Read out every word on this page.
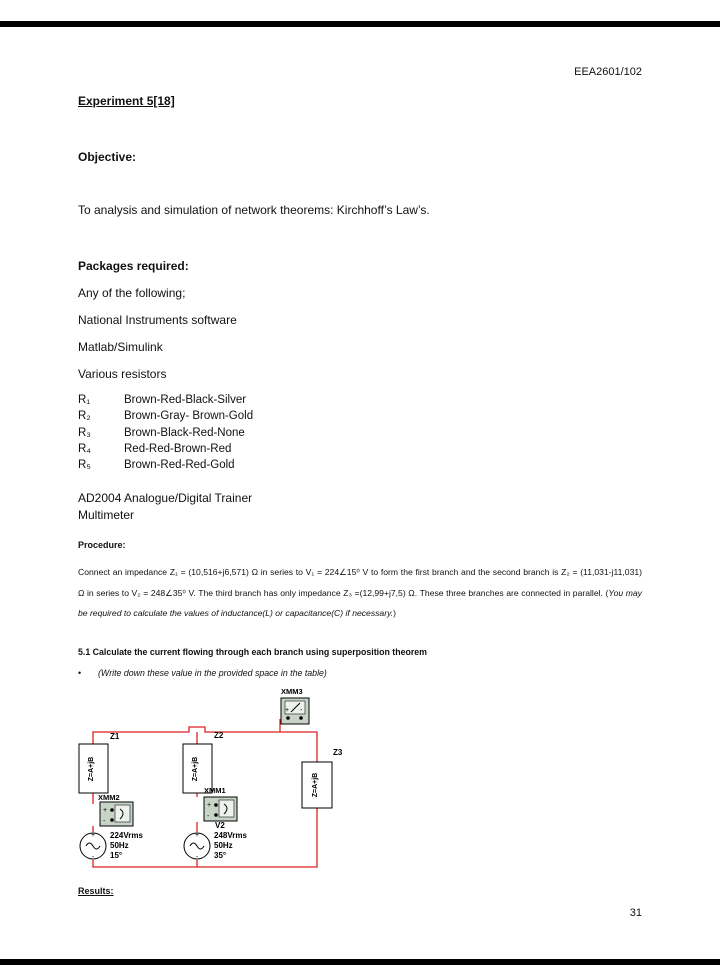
EEA2601/102
Experiment 5[18]
Objective:
To analysis and simulation of network theorems: Kirchhoff’s Law’s.
Packages required:
Any of the following;
National Instruments software
Matlab/Simulink
Various resistors
R₁	Brown-Red-Black-Silver
R₂	Brown-Gray- Brown-Gold
R₃	Brown-Black-Red-None
R₄	Red-Red-Brown-Red
R₅	Brown-Red-Red-Gold
AD2004 Analogue/Digital Trainer
Multimeter
Procedure:
Connect an impedance Z₁ = (10,516+j6,571) Ω in series to V₁ = 224∠15⁰ V to form the first branch and the second branch is Z₂ = (11,031-j11,031) Ω in series to V₂ = 248∠35⁰ V. The third branch has only impedance Z₃ =(12,99+j7,5) Ω. These three branches are connected in parallel. (You may be required to calculate the values of inductance(L) or capacitance(C) if necessary.)
5.1 Calculate the current flowing through each branch using superposition theorem
• (Write down these value in the provided space in the table)
Z=A+jB
Z1
Z=A+jB
Z2
Z=A+jB
Z3
XMM3
+ -
XMM2
+
-
XMM1
+
-
V2
+
-
224Vrms
50Hz
15°
+
-
248Vrms
50Hz
35°
Results:
31
